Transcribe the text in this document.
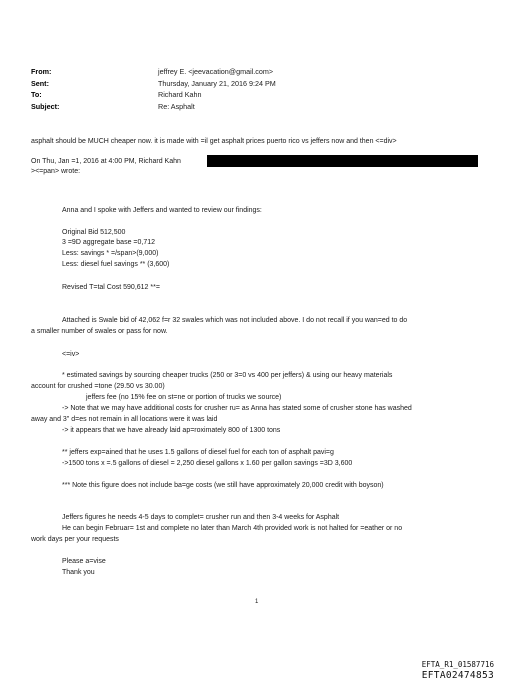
From:	jeffrey E. <jeevacation@gmail.com>
Sent:	Thursday, January 21, 2016 9:24 PM
To:	Richard Kahn
Subject:	Re: Asphalt
asphalt should be MUCH cheaper now. it is made with =il get asphalt prices puerto rico vs jeffers now and then <=div>
On Thu, Jan =1, 2016 at 4:00 PM, Richard Kahn
><=pan> wrote:
Anna and I spoke with Jeffers and wanted to review our findings:
Original Bid 512,500
3 =9D aggregate base =0,712
Less: savings * =/span>(9,000)
Less: diesel fuel savings ** (3,600)
Revised T=tal Cost 590,612 **=
Attached is Swale bid of 42,062 f=r 32 swales which was not included above. I do not recall if you wan=ed to do
a smaller number of swales or pass for now.
<=iv>
* estimated savings by sourcing cheaper trucks (250 or 3=0 vs 400 per jeffers) & using our heavy materials
account for crushed =tone (29.50 vs 30.00)
jeffers fee (no 15% fee on st=ne or portion of trucks we source)
-> Note that we may have additional costs for crusher ru= as Anna has stated some of crusher stone has washed
away and 3" d=es not remain in all locations were it was laid
-> it appears that we have already laid ap=roximately 800 of 1300 tons
** jeffers exp=ained that he uses 1.5 gallons of diesel fuel for each ton of asphalt pavi=g
->1500 tons x =.5 gallons of diesel = 2,250 diesel gallons x 1.60 per gallon savings =3D 3,600
*** Note this figure does not include ba=ge costs (we still have approximately 20,000 credit with boyson)
Jeffers figures he needs 4-5 days to complet= crusher run and then 3-4 weeks for Asphalt
He can begin Februar= 1st and complete no later than March 4th provided work is not halted for =eather or no
work days per your requests
Please a=vise
Thank you
1
EFTA_R1_01587716
EFTA02474853
